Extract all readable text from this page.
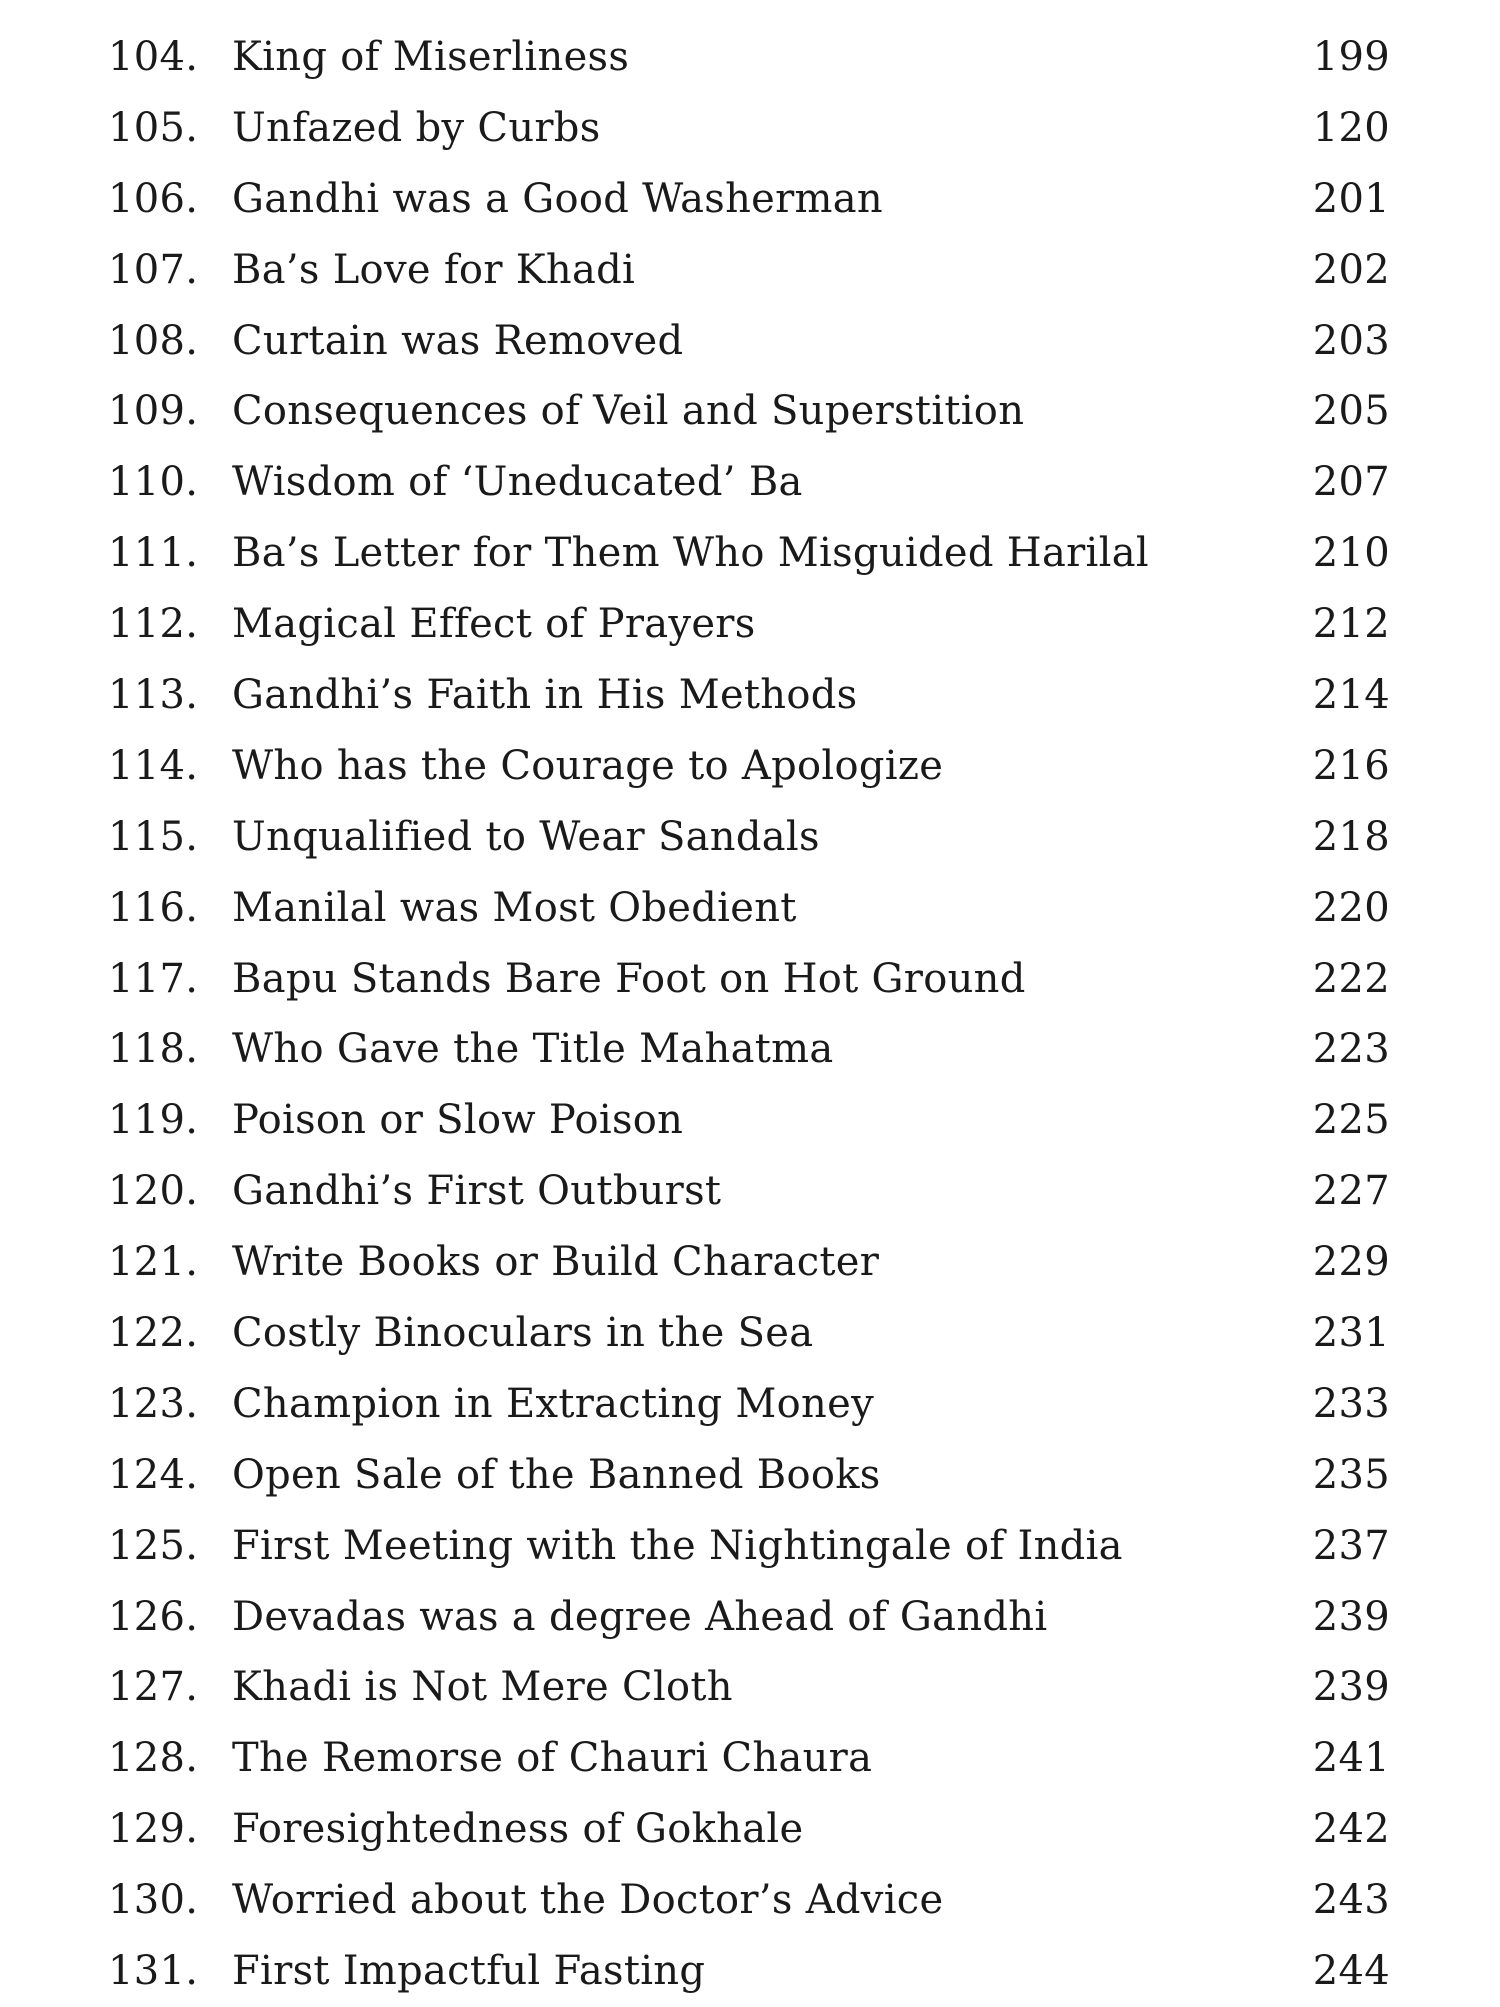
104. King of Miserliness	199
105. Unfazed by Curbs	120
106. Gandhi was a Good Washerman	201
107. Ba’s Love for Khadi	202
108. Curtain was Removed	203
109. Consequences of Veil and Superstition	205
110. Wisdom of ‘Uneducated’ Ba	207
111. Ba’s Letter for Them Who Misguided Harilal	210
112. Magical Effect of Prayers	212
113. Gandhi’s Faith in His Methods	214
114. Who has the Courage to Apologize	216
115. Unqualified to Wear Sandals	218
116. Manilal was Most Obedient	220
117. Bapu Stands Bare Foot on Hot Ground	222
118. Who Gave the Title Mahatma	223
119. Poison or Slow Poison	225
120. Gandhi’s First Outburst	227
121. Write Books or Build Character	229
122. Costly Binoculars in the Sea	231
123. Champion in Extracting Money	233
124. Open Sale of the Banned Books	235
125. First Meeting with the Nightingale of India	237
126. Devadas was a degree Ahead of Gandhi	239
127. Khadi is Not Mere Cloth	239
128. The Remorse of Chauri Chaura	241
129. Foresightedness of Gokhale	242
130. Worried about the Doctor’s Advice	243
131. First Impactful Fasting	244
